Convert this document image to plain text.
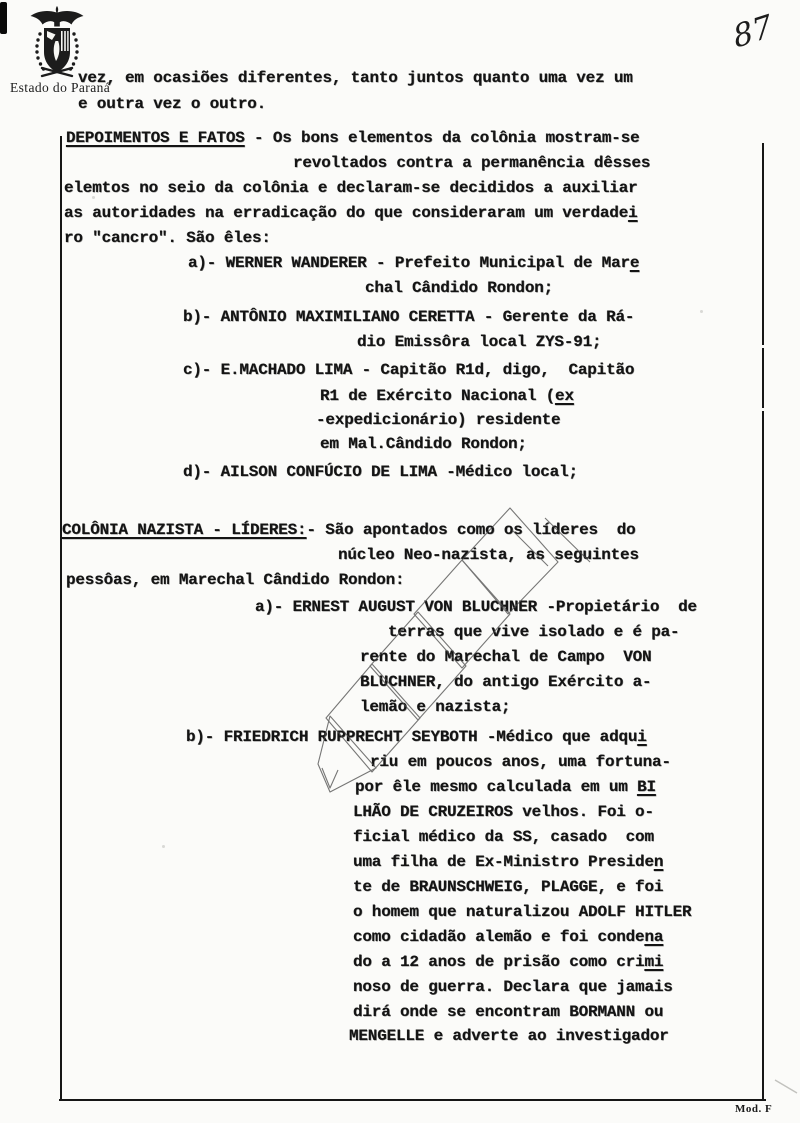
Estado do Paraná
87
vez, em ocasiões diferentes, tanto juntos quanto uma vez um
e outra vez o outro.
DEPOIMENTOS E FATOS - Os bons elementos da colônia mostram-se
revoltados contra a permanência dêsses
elemtos no seio da colônia e declaram-se decididos a auxiliar
as autoridades na erradicação do que consideraram um verdadei
ro "cancro". São êles:
a)- WERNER WANDERER - Prefeito Municipal de Mare
chal Cândido Rondon;
b)- ANTÔNIO MAXIMILIANO CERETTA - Gerente da Rá-
dio Emissôra local ZYS-91;
c)- E.MACHADO LIMA - Capitão R1d, digo,  Capitão
R1 de Exército Nacional (ex
-expedicionário) residente
em Mal.Cândido Rondon;
d)- AILSON CONFÚCIO DE LIMA -Médico local;
COLÔNIA NAZISTA - LÍDERES:- São apontados como os líderes  do
núcleo Neo-nazista, as seguintes
pessôas, em Marechal Cândido Rondon:
a)- ERNEST AUGUST VON BLUCHNER -Propietário  de
terras que vive isolado e é pa-
rente do Marechal de Campo  VON
BLUCHNER, do antigo Exército a-
lemão e nazista;
b)- FRIEDRICH RUPPRECHT SEYBOTH -Médico que adqui
riu em poucos anos, uma fortuna-
por êle mesmo calculada em um BI
LHÃO DE CRUZEIROS velhos. Foi o-
ficial médico da SS, casado  com
uma filha de Ex-Ministro Presiden
te de BRAUNSCHWEIG, PLAGGE, e foi
o homem que naturalizou ADOLF HITLER
como cidadão alemão e foi condena
do a 12 anos de prisão como crimi
noso de guerra. Declara que jamais
dirá onde se encontram BORMANN ou
MENGELLE e adverte ao investigador
Mod. F
